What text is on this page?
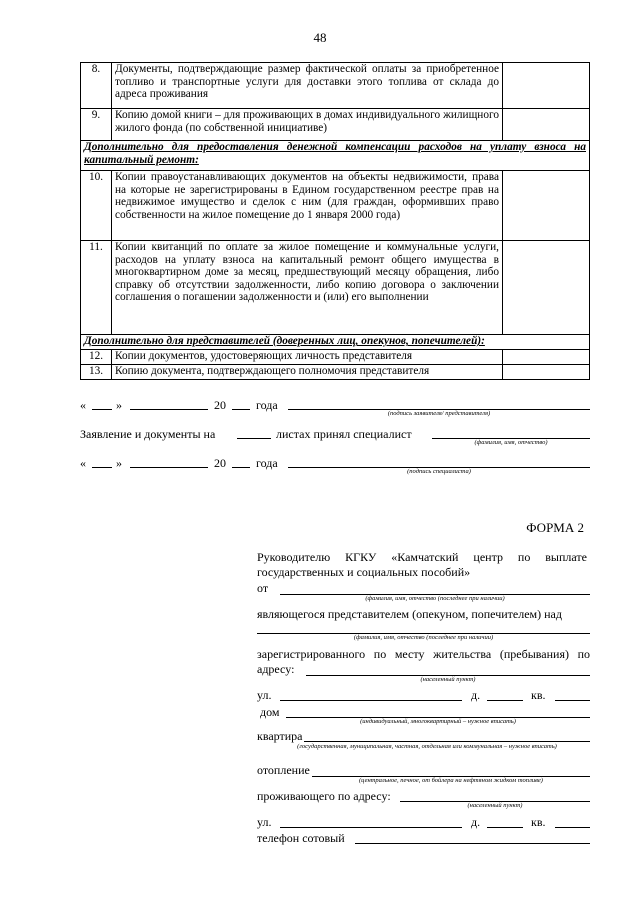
48
8.	Документы, подтверждающие размер фактической оплаты за приобретенное топливо и транспортные услуги для доставки этого топлива от склада до адреса проживания	
9.	Копию домой книги – для проживающих в домах индивидуального жилищного жилого фонда (по собственной инициативе)	
Дополнительно для предоставления денежной компенсации расходов на уплату взноса на капитальный ремонт:		
10.	Копии правоустанавливающих документов на объекты недвижимости, права на которые не зарегистрированы в Едином государственном реестре прав на недвижимое имущество и сделок с ним (для граждан, оформивших право собственности на жилое помещение до 1 января 2000 года)	
11.	Копии квитанций по оплате за жилое помещение и коммунальные услуги, расходов на уплату взноса на капитальный ремонт общего имущества в многоквартирном доме за месяц, предшествующий месяцу обращения, либо справку об отсутствии задолженности, либо копию договора о заключении соглашения о погашении задолженности и (или) его выполнении	
Дополнительно для представителей (доверенных лиц, опекунов, попечителей):		
12.	Копии документов, удостоверяющих личность представителя	
13.	Копию документа, подтверждающего полномочия представителя	
«	»	20	года
(подпись заявителя/ представителя)
Заявление и документы на	листах принял специалист
(фамилия, имя, отчество)
«	»	20	года
(подпись специалиста)
ФОРМА 2
Руководителю КГКУ «Камчатский центр по выплате государственных и социальных пособий»
от
(фамилия, имя, отчество (последнее при наличии)
являющегося представителем (опекуном, попечителем) над
(фамилия, имя, отчество (последнее при наличии)
зарегистрированного по месту жительства (пребывания) по адресу:
(населенный пункт)
ул.	д.	кв.
дом
(индивидуальный, многоквартирный – нужное вписать)
квартира
(государственная, муниципальная, частная, отдельная или коммунальная – нужное вписать)
отопление
(центральное, печное, от бойлера на нефтяном жидком топливе)
проживающего по адресу:
(населенный пункт)
ул.	д.	кв.
телефон сотовый
